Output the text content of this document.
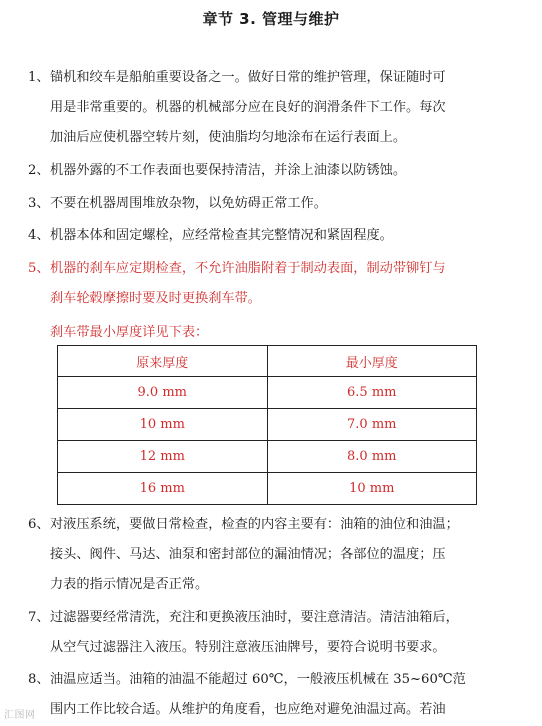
章节 3. 管理与维护
1、 锚机和绞车是船舶重要设备之一。做好日常的维护管理，保证随时可
用是非常重要的。机器的机械部分应在良好的润滑条件下工作。每次
加油后应使机器空转片刻，使油脂均匀地涂布在运行表面上。
2、 机器外露的不工作表面也要保持清洁，并涂上油漆以防锈蚀。
3、 不要在机器周围堆放杂物，以免妨碍正常工作。
4、 机器本体和固定螺栓，应经常检查其完整情况和紧固程度。
5、 机器的刹车应定期检查，不允许油脂附着于制动表面，制动带铆钉与
刹车轮毂摩擦时要及时更换刹车带。
刹车带最小厚度详见下表：
原来厚度	最小厚度
9.0 mm	6.5 mm
10 mm	7.0 mm
12 mm	8.0 mm
16 mm	10 mm
6、 对液压系统，要做日常检查，检查的内容主要有：油箱的油位和油温；
接头、阀件、马达、油泵和密封部位的漏油情况；各部位的温度；压
力表的指示情况是否正常。
7、 过滤器要经常清洗，充注和更换液压油时，要注意清洁。清洁油箱后，
从空气过滤器注入液压。特别注意液压油牌号，要符合说明书要求。
8、 油温应适当。油箱的油温不能超过 60℃，一般液压机械在 35~60℃范
围内工作比较合适。从维护的角度看，也应绝对避免油温过高。若油
汇图网
